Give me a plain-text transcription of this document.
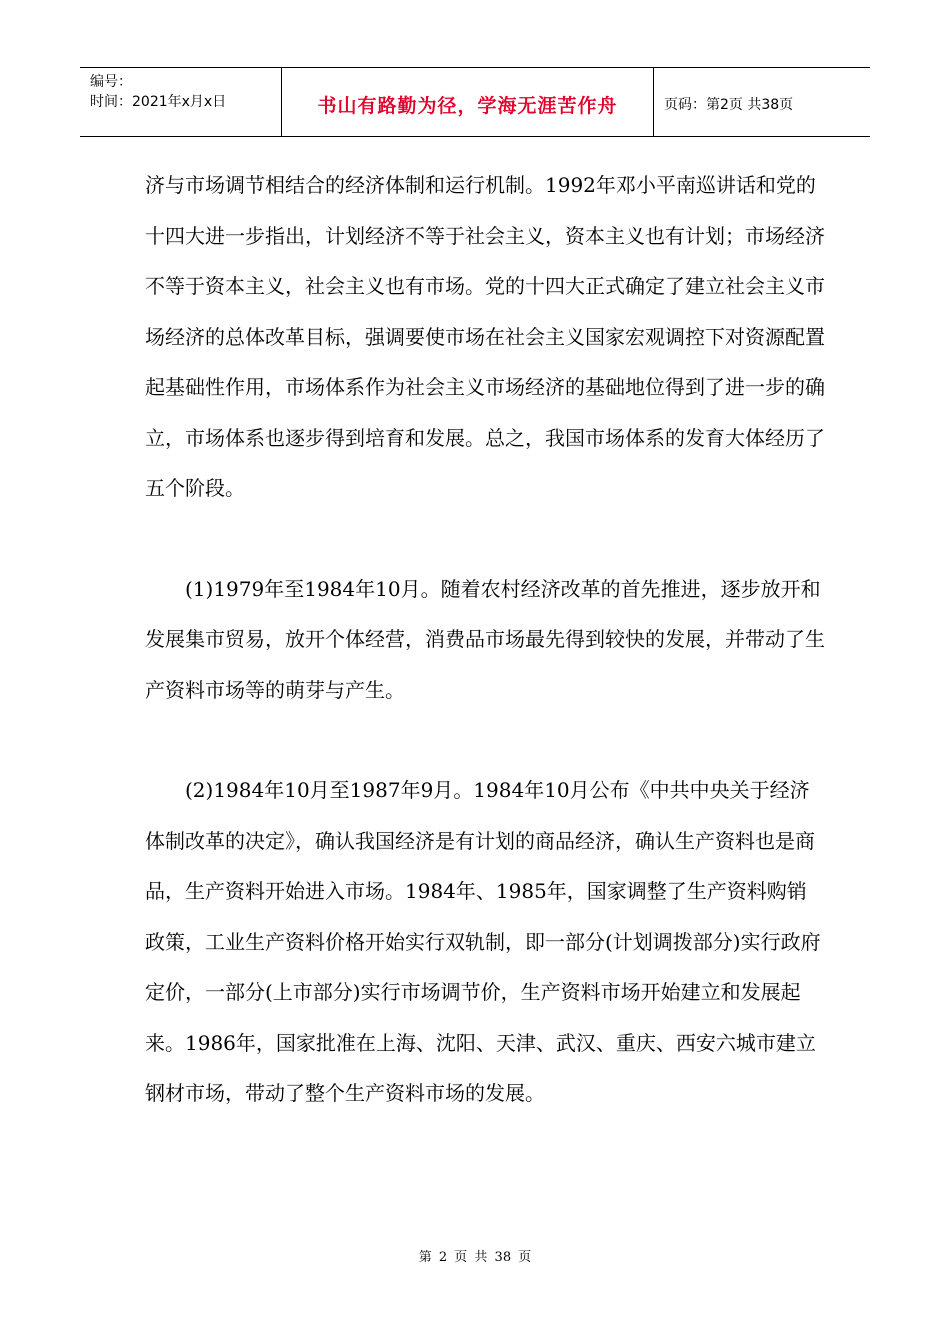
编号：
时间：2021年x月x日	书山有路勤为径，学海无涯苦作舟	页码：第2页 共38页

济与市场调节相结合的经济体制和运行机制。1992年邓小平南巡讲话和党的十四大进一步指出，计划经济不等于社会主义，资本主义也有计划；市场经济不等于资本主义，社会主义也有市场。党的十四大正式确定了建立社会主义市场经济的总体改革目标，强调要使市场在社会主义国家宏观调控下对资源配置起基础性作用，市场体系作为社会主义市场经济的基础地位得到了进一步的确立，市场体系也逐步得到培育和发展。总之，我国市场体系的发育大体经历了五个阶段。

(1)1979年至1984年10月。随着农村经济改革的首先推进，逐步放开和发展集市贸易，放开个体经营，消费品市场最先得到较快的发展，并带动了生产资料市场等的萌芽与产生。

(2)1984年10月至1987年9月。1984年10月公布《中共中央关于经济体制改革的决定》，确认我国经济是有计划的商品经济，确认生产资料也是商品，生产资料开始进入市场。1984年、1985年，国家调整了生产资料购销政策，工业生产资料价格开始实行双轨制，即一部分(计划调拨部分)实行政府定价，一部分(上市部分)实行市场调节价，生产资料市场开始建立和发展起来。1986年，国家批准在上海、沈阳、天津、武汉、重庆、西安六城市建立钢材市场，带动了整个生产资料市场的发展。

第 2 页 共 38 页
